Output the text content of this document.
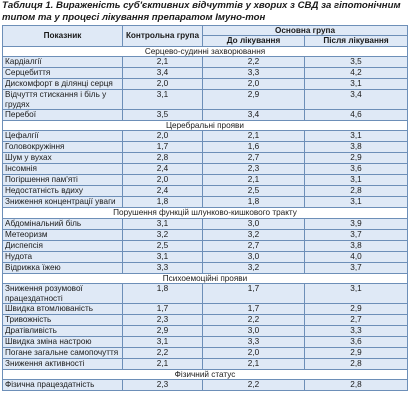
Таблиця 1. Вираженість суб'єктивних відчуттів у хворих з СВД за гіпотонічним типом та у процесі лікування препаратом Імуно-тон
Показник	Контрольна група	Основна група	
		До лікування	Після лікування
Серцево-судинні захворювання			
Кардіалгії	2,1	2,2	3,5
Серцебиття	3,4	3,3	4,2
Дискомфорт в ділянці серця	2,0	2,0	3,1
Відчуття стискання і біль у грудях	3,1	2,9	3,4
Перебої	3,5	3,4	4,6
Церебральні прояви			
Цефалгії	2,0	2,1	3,1
Головокружіння	1,7	1,6	3,8
Шум у вухах	2,8	2,7	2,9
Інсомнія	2,4	2,3	3,6
Погіршення пам'яті	2,0	2,1	3,1
Недостатність вдиху	2,4	2,5	2,8
Зниження концентрації уваги	1,8	1,8	3,1
Порушення функцій шлунково-кишкового тракту			
Абдомінальний біль	3,1	3,0	3,9
Метеоризм	3,2	3,2	3,7
Диспепсія	2,5	2,7	3,8
Нудота	3,1	3,0	4,0
Відрижка їжею	3,3	3,2	3,7
Психоемоційні прояви			
Зниження розумової працездатності	1,8	1,7	3,1
Швидка втомлюваність	1,7	1,7	2,9
Тривожність	2,3	2,2	2,7
Дратівливість	2,9	3,0	3,3
Швидка зміна настрою	3,1	3,3	3,6
Погане загальне самопочуття	2,2	2,0	2,9
Зниження активності	2,1	2,1	2,8
Фізичний статус			
Фізична працездатність	2,3	2,2	2,8
